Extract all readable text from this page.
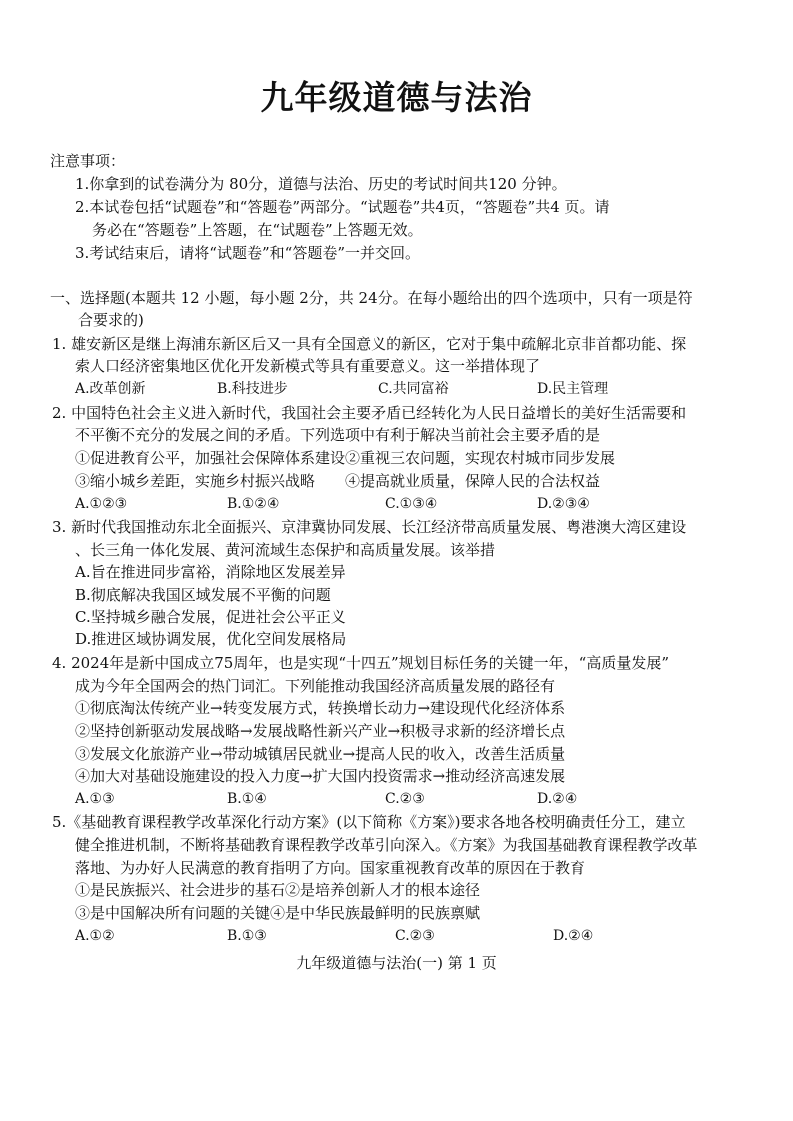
九年级道德与法治
注意事项：
1.你拿到的试卷满分为 80分，道德与法治、历史的考试时间共120 分钟。
2.本试卷包括“试题卷”和“答题卷”两部分。“试题卷”共4页，“答题卷”共4 页。请
务必在“答题卷”上答题，在“试题卷”上答题无效。
3.考试结束后，请将“试题卷”和“答题卷”一并交回。
一、选择题(本题共 12 小题，每小题 2分，共 24分。在每小题给出的四个选项中，只有一项是符
合要求的)
1. 雄安新区是继上海浦东新区后又一具有全国意义的新区，它对于集中疏解北京非首都功能、探
索人口经济密集地区优化开发新模式等具有重要意义。这一举措体现了
A.改革创新	B.科技进步	C.共同富裕	D.民主管理
2. 中国特色社会主义进入新时代，我国社会主要矛盾已经转化为人民日益增长的美好生活需要和
不平衡不充分的发展之间的矛盾。下列选项中有利于解决当前社会主要矛盾的是
①促进教育公平，加强社会保障体系建设②重视三农问题，实现农村城市同步发展
③缩小城乡差距，实施乡村振兴战略　　④提高就业质量，保障人民的合法权益
A.①②③	B.①②④	C.①③④	D.②③④
3. 新时代我国推动东北全面振兴、京津冀协同发展、长江经济带高质量发展、粤港澳大湾区建设
、长三角一体化发展、黄河流域生态保护和高质量发展。该举措
A.旨在推进同步富裕，消除地区发展差异
B.彻底解决我国区域发展不平衡的问题
C.坚持城乡融合发展，促进社会公平正义
D.推进区域协调发展，优化空间发展格局
4. 2024年是新中国成立75周年，也是实现“十四五”规划目标任务的关键一年，“高质量发展”
成为今年全国两会的热门词汇。下列能推动我国经济高质量发展的路径有
①彻底淘汰传统产业→转变发展方式，转换增长动力→建设现代化经济体系
②坚持创新驱动发展战略→发展战略性新兴产业→积极寻求新的经济增长点
③发展文化旅游产业→带动城镇居民就业→提高人民的收入，改善生活质量
④加大对基础设施建设的投入力度→扩大国内投资需求→推动经济高速发展
A.①③	B.①④	C.②③	D.②④
5.《基础教育课程教学改革深化行动方案》(以下简称《方案》)要求各地各校明确责任分工，建立
健全推进机制，不断将基础教育课程教学改革引向深入。《方案》为我国基础教育课程教学改革
落地、为办好人民满意的教育指明了方向。国家重视教育改革的原因在于教育
①是民族振兴、社会进步的基石②是培养创新人才的根本途径
③是中国解决所有问题的关键④是中华民族最鲜明的民族禀赋
A.①②	B.①③	C.②③	D.②④
九年级道德与法治(一) 第 1 页
